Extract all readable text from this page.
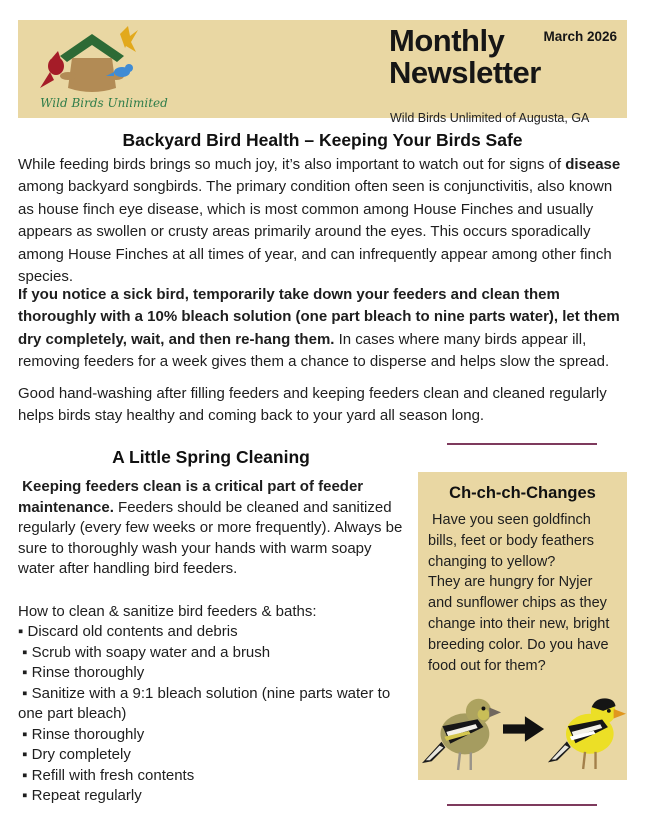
Wild Birds Unlimited
March 2026
Monthly
Newsletter
Wild Birds Unlimited of Augusta, GA
Backyard Bird Health – Keeping Your Birds Safe

While feeding birds brings so much joy, it’s also important to watch out for signs of disease among backyard songbirds. The primary condition often seen is conjunctivitis, also known as house finch eye disease, which is most common among House Finches and usually appears as swollen or crusty areas primarily around the eyes. This occurs sporadically among House Finches at all times of year, and can infrequently appear among other finch species.

If you notice a sick bird, temporarily take down your feeders and clean them thoroughly with a 10% bleach solution (one part bleach to nine parts water), let them dry completely, wait, and then re-hang them. In cases where many birds appear ill, removing feeders for a week gives them a chance to disperse and helps slow the spread.

Good hand-washing after filling feeders and keeping feeders clean and cleaned regularly helps birds stay healthy and coming back to your yard all season long.

A Little Spring Cleaning

Keeping feeders clean is a critical part of feeder maintenance. Feeders should be cleaned and sanitized regularly (every few weeks or more frequently). Always be sure to thoroughly wash your hands with warm soapy water after handling bird feeders.

How to clean & sanitize bird feeders & baths:

▪ Discard old contents and debris
▪ Scrub with soapy water and a brush
▪ Rinse thoroughly
▪ Sanitize with a 9:1 bleach solution (nine parts water to one part bleach)
▪ Rinse thoroughly
▪ Dry completely
▪ Refill with fresh contents
▪ Repeat regularly
Ch-ch-ch-Changes

Have you seen goldfinch bills, feet or body feathers changing to yellow?

They are hungry for Nyjer and sunflower chips as they change into their new, bright breeding color. Do you have food out for them?
